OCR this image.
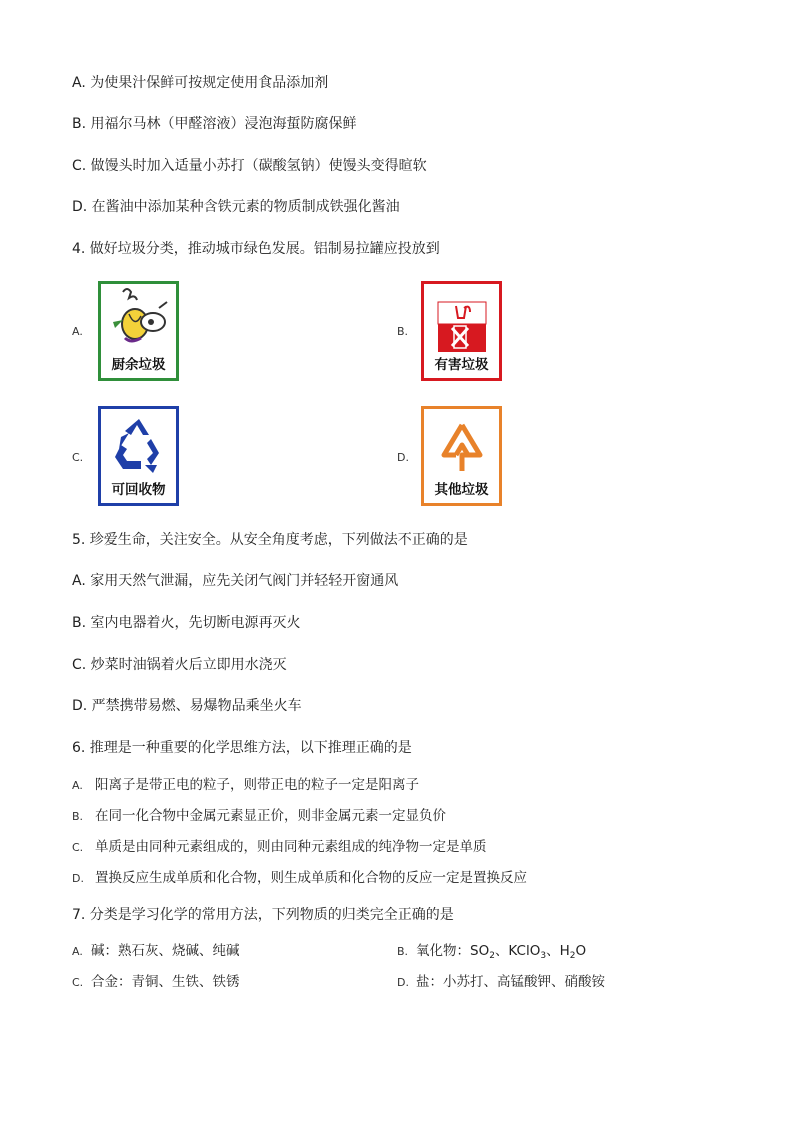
A. 为使果汁保鲜可按规定使用食品添加剂
B. 用福尔马林（甲醛溶液）浸泡海蜇防腐保鲜
C. 做馒头时加入适量小苏打（碳酸氢钠）使馒头变得暄软
D. 在酱油中添加某种含铁元素的物质制成铁强化酱油
4. 做好垃圾分类，推动城市绿色发展。铝制易拉罐应投放到
A.
厨余垃圾
B.
有害垃圾
C.
可回收物
D.
其他垃圾
5. 珍爱生命，关注安全。从安全角度考虑，下列做法不正确的是
A. 家用天然气泄漏，应先关闭气阀门并轻轻开窗通风
B. 室内电器着火，先切断电源再灭火
C. 炒菜时油锅着火后立即用水浇灭
D. 严禁携带易燃、易爆物品乘坐火车
6. 推理是一种重要的化学思维方法，以下推理正确的是
A. 阳离子是带正电的粒子，则带正电的粒子一定是阳离子
B. 在同一化合物中金属元素显正价，则非金属元素一定显负价
C. 单质是由同种元素组成的，则由同种元素组成的纯净物一定是单质
D. 置换反应生成单质和化合物，则生成单质和化合物的反应一定是置换反应
7. 分类是学习化学的常用方法，下列物质的归类完全正确的是
A. 碱：熟石灰、烧碱、纯碱	B. 氧化物：$SO_2$、KClO$_3$、$H_2O$
C. 合金：青铜、生铁、铁锈	D. 盐：小苏打、高锰酸钾、硝酸铵
